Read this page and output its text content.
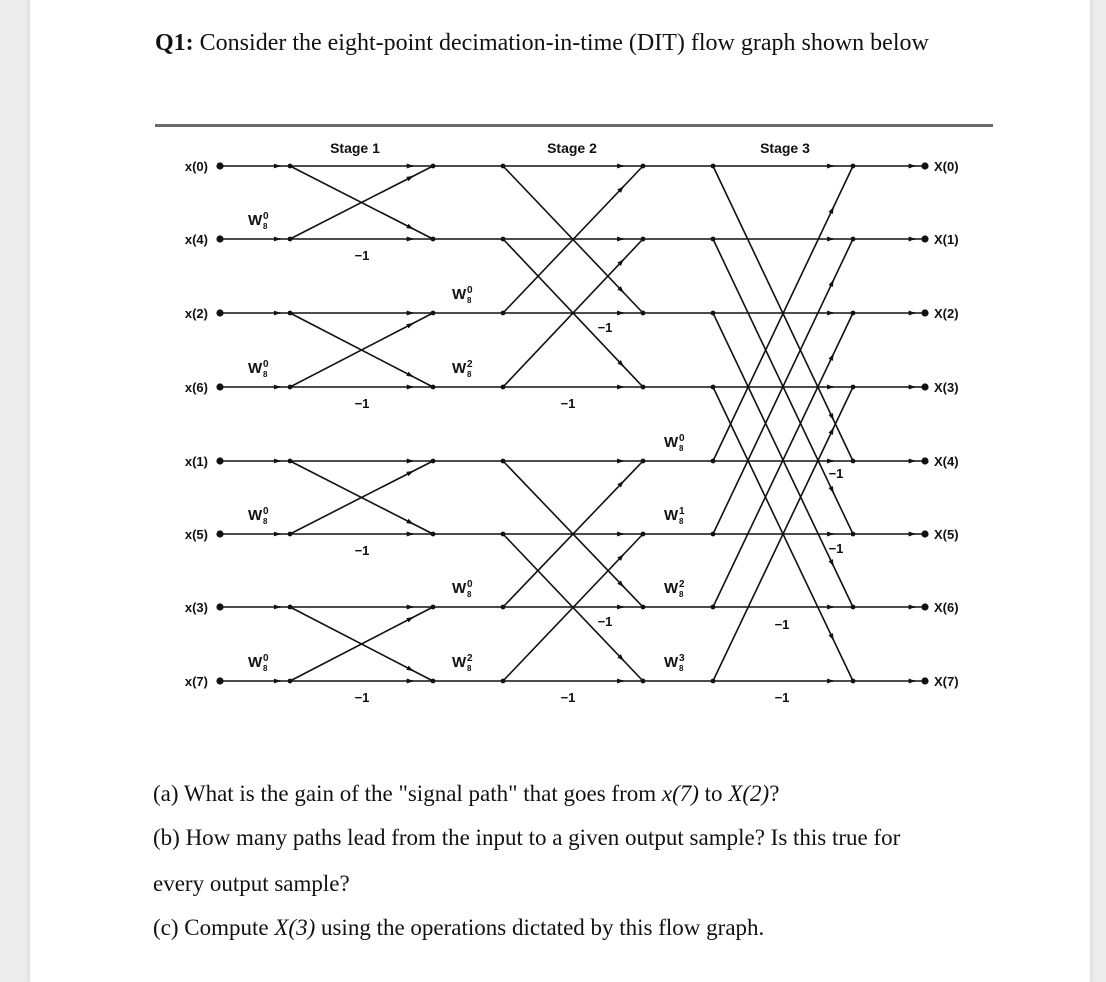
Q1: Consider the eight-point decimation-in-time (DIT) flow graph shown below
Stage 1	Stage 2	Stage 3
x(0)
x(4)
x(2)
x(6)
x(1)
x(5)
x(3)
x(7)
X(0)
X(1)
X(2)
X(3)
X(4)
X(5)
X(6)
X(7)
W 0
8
W 0
8
W 0
8
W 0
8
W 0
8
W 2
8
W 0
8
W 2
8
W 0
8
W 1
8
W 2
8
W 3
8
−1
−1
−1
−1
−1
−1
−1
−1	−1
−1
−1
−1
(a) What is the gain of the "signal path" that goes from x(7) to X(2)?
(b) How many paths lead from the input to a given output sample? Is this true for
every output sample?
(c) Compute X(3) using the operations dictated by this flow graph.
